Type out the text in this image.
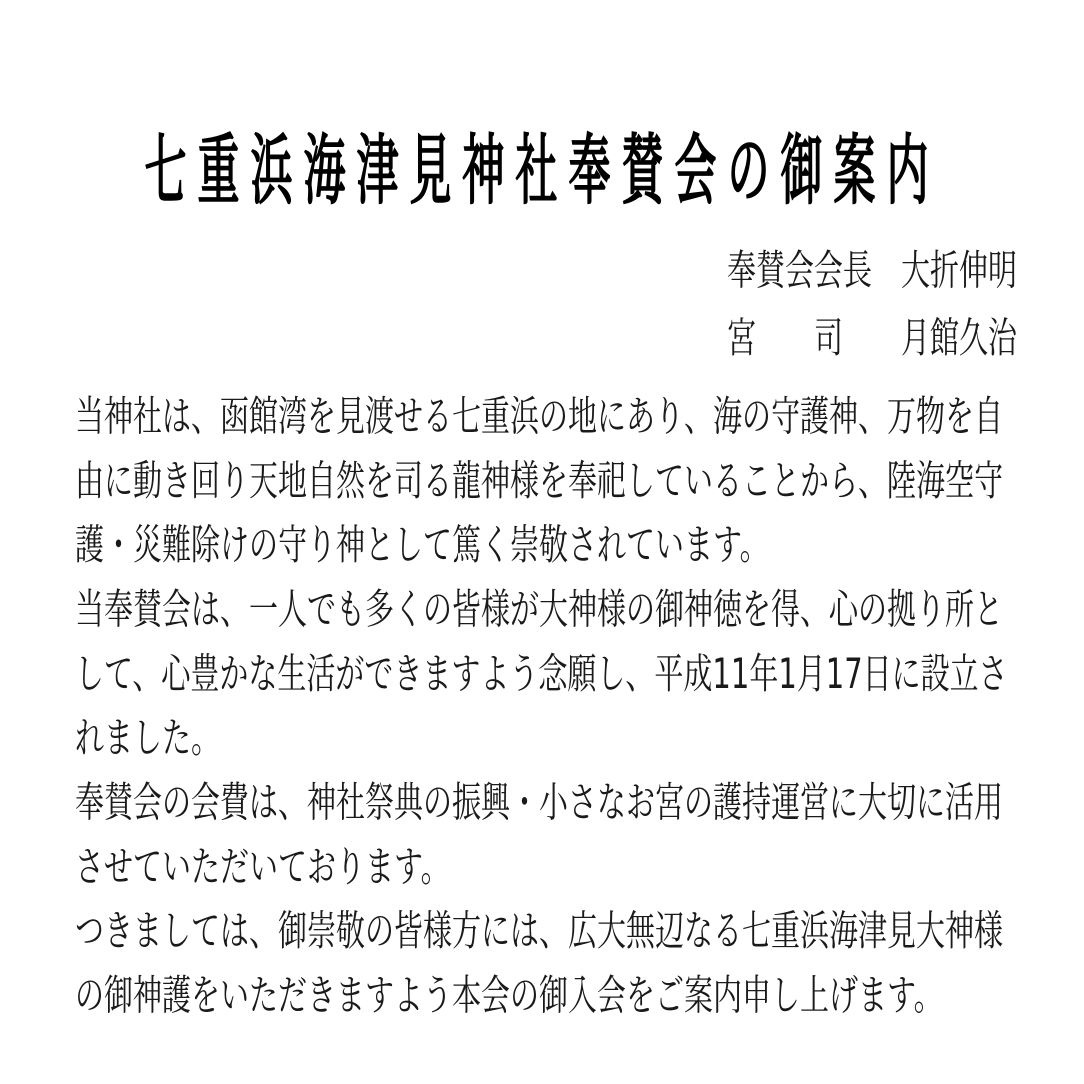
七重浜海津見神社奉賛会の御案内
奉賛会会長 大折伸明
宮　　司 月館久治
当神社は、函館湾を見渡せる七重浜の地にあり、海の守護神、万物を自
由に動き回り天地自然を司る龍神様を奉祀していることから、陸海空守
護・災難除けの守り神として篤く崇敬されています。
当奉賛会は、一人でも多くの皆様が大神様の御神徳を得、心の拠り所と
して、心豊かな生活ができますよう念願し、平成11年1月17日に設立さ
れました。
奉賛会の会費は、神社祭典の振興・小さなお宮の護持運営に大切に活用
させていただいております。
つきましては、御崇敬の皆様方には、広大無辺なる七重浜海津見大神様
の御神護をいただきますよう本会の御入会をご案内申し上げます。
